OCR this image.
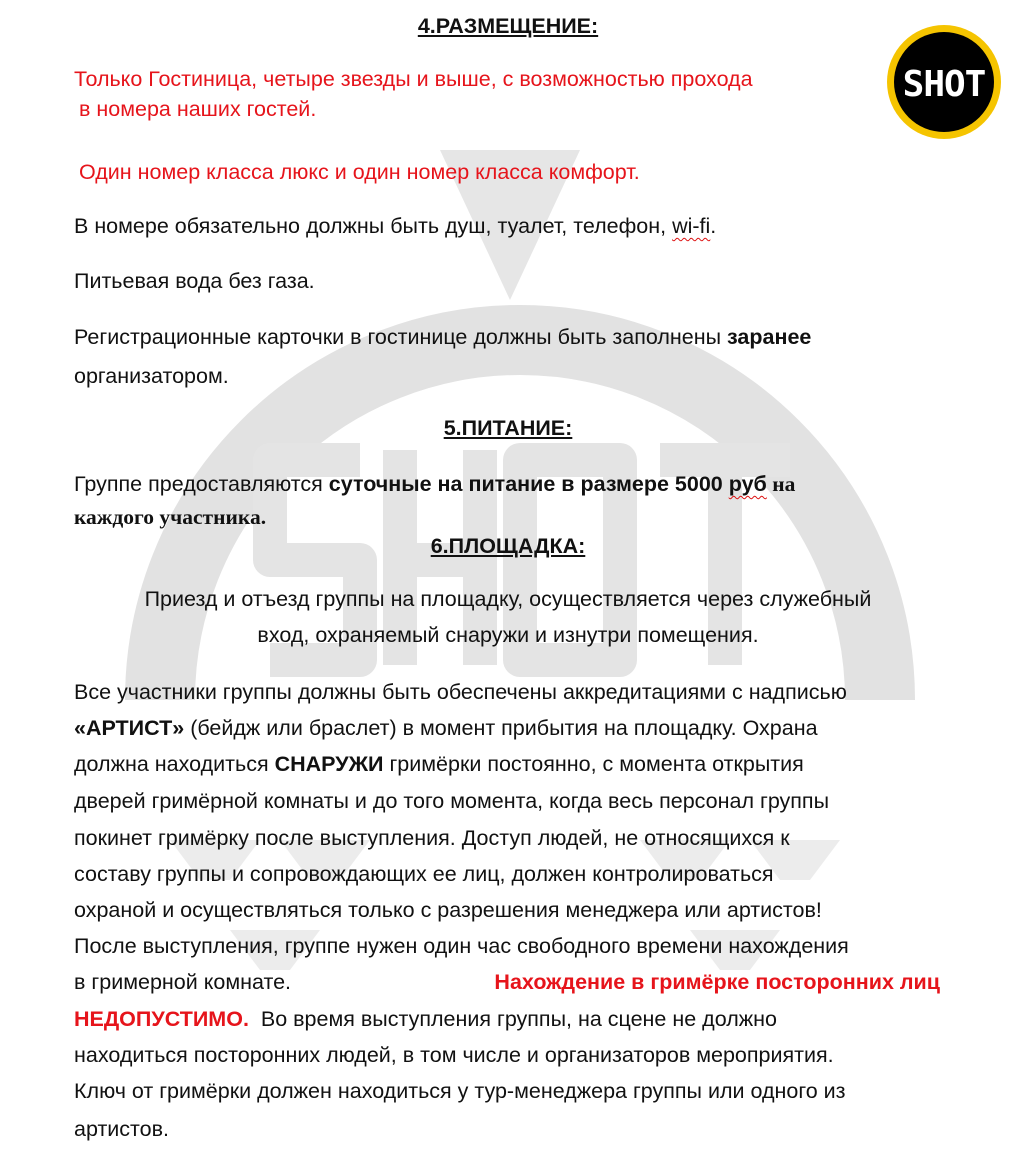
4.РАЗМЕЩЕНИЕ:
Только Гостиница, четыре звезды и выше, с возможностью прохода
в номера наших гостей.
Один номер класса люкс и один номер класса комфорт.
В номере обязательно должны быть душ, туалет, телефон, wi-fi.
Питьевая вода без газа.
Регистрационные карточки в гостинице должны быть заполнены заранее
организатором.
5.ПИТАНИЕ:
Группе предоставляются суточные на питание в размере 5000 руб на
каждого участника.
6.ПЛОЩАДКА:
Приезд и отъезд группы на площадку, осуществляется через служебный
вход, охраняемый снаружи и изнутри помещения.
Все участники группы должны быть обеспечены аккредитациями с надписью
«АРТИСТ» (бейдж или браслет) в момент прибытия на площадку. Охрана
должна находиться СНАРУЖИ гримёрки постоянно, с момента открытия
дверей гримёрной комнаты и до того момента, когда весь персонал группы
покинет гримёрку после выступления. Доступ людей, не относящихся к
составу группы и сопровождающих ее лиц, должен контролироваться
охраной и осуществляться только с разрешения менеджера или артистов!
После выступления, группе нужен один час свободного времени нахождения
в гримерной комнате.	Нахождение в гримёрке посторонних лиц
НЕДОПУСТИМО.  Во время выступления группы, на сцене не должно
находиться посторонних людей, в том числе и организаторов мероприятия.
Ключ от гримёрки должен находиться у тур-менеджера группы или одного из
артистов.
SHOT
